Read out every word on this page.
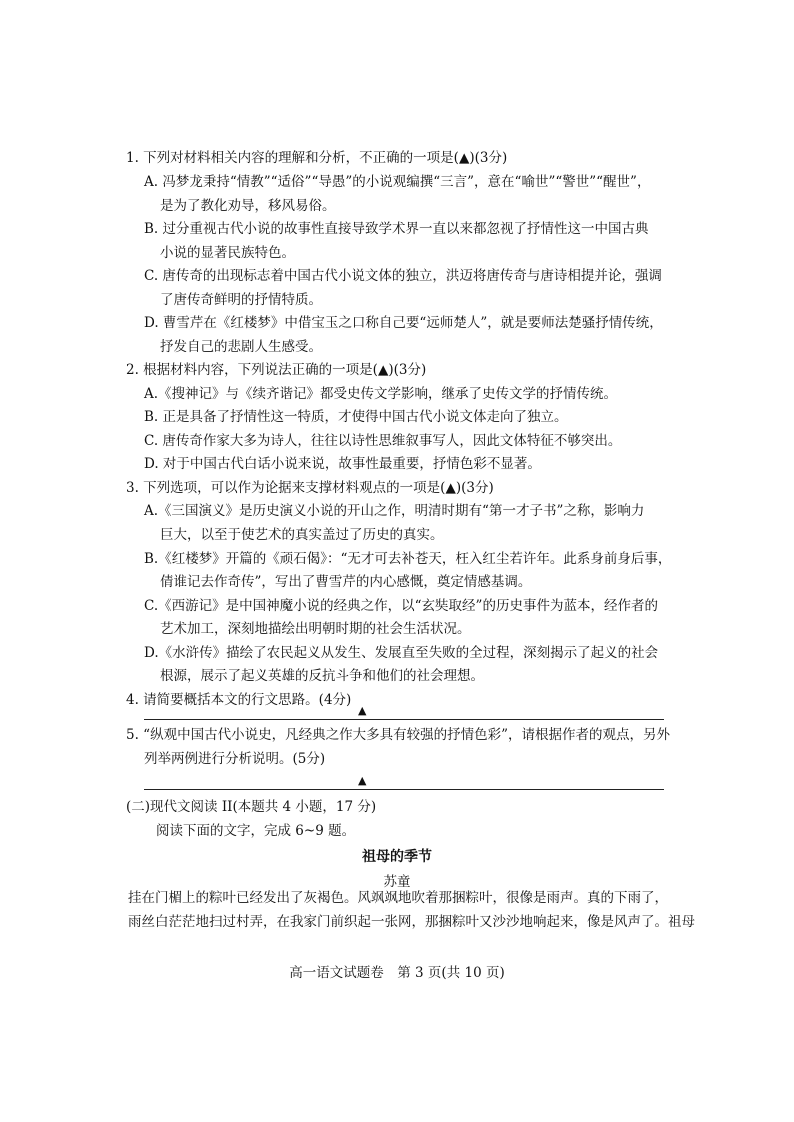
1. 下列对材料相关内容的理解和分析，不正确的一项是(▲)(3分)
A. 冯梦龙秉持“情教”“适俗”“导愚”的小说观编撰“三言”，意在“喻世”“警世”“醒世”，
是为了教化劝导，移风易俗。
B. 过分重视古代小说的故事性直接导致学术界一直以来都忽视了抒情性这一中国古典
小说的显著民族特色。
C. 唐传奇的出现标志着中国古代小说文体的独立，洪迈将唐传奇与唐诗相提并论，强调
了唐传奇鲜明的抒情特质。
D. 曹雪芹在《红楼梦》中借宝玉之口称自己要“远师楚人”，就是要师法楚骚抒情传统，
抒发自己的悲剧人生感受。
2. 根据材料内容，下列说法正确的一项是(▲)(3分)
A.《搜神记》与《续齐谐记》都受史传文学影响，继承了史传文学的抒情传统。
B. 正是具备了抒情性这一特质，才使得中国古代小说文体走向了独立。
C. 唐传奇作家大多为诗人，往往以诗性思维叙事写人，因此文体特征不够突出。
D. 对于中国古代白话小说来说，故事性最重要，抒情色彩不显著。
3. 下列选项，可以作为论据来支撑材料观点的一项是(▲)(3分)
A.《三国演义》是历史演义小说的开山之作，明清时期有“第一才子书”之称，影响力
巨大，以至于使艺术的真实盖过了历史的真实。
B.《红楼梦》开篇的《顽石偈》：“无才可去补苍天，枉入红尘若许年。此系身前身后事，
倩谁记去作奇传”，写出了曹雪芹的内心感慨，奠定情感基调。
C.《西游记》是中国神魔小说的经典之作，以“玄奘取经”的历史事件为蓝本，经作者的
艺术加工，深刻地描绘出明朝时期的社会生活状况。
D.《水浒传》描绘了农民起义从发生、发展直至失败的全过程，深刻揭示了起义的社会
根源，展示了起义英雄的反抗斗争和他们的社会理想。
4. 请简要概括本文的行文思路。(4分)
▲
5. “纵观中国古代小说史，凡经典之作大多具有较强的抒情色彩”，请根据作者的观点，另外
列举两例进行分析说明。(5分)
▲
(二)现代文阅读 II(本题共 4 小题，17 分)
阅读下面的文字，完成 6~9 题。
祖母的季节
苏童
挂在门楣上的粽叶已经发出了灰褐色。风飒飒地吹着那捆粽叶，很像是雨声。真的下雨了，
雨丝白茫茫地扫过村弄，在我家门前织起一张网，那捆粽叶又沙沙地响起来，像是风声了。祖母
高一语文试题卷　第 3 页(共 10 页)
